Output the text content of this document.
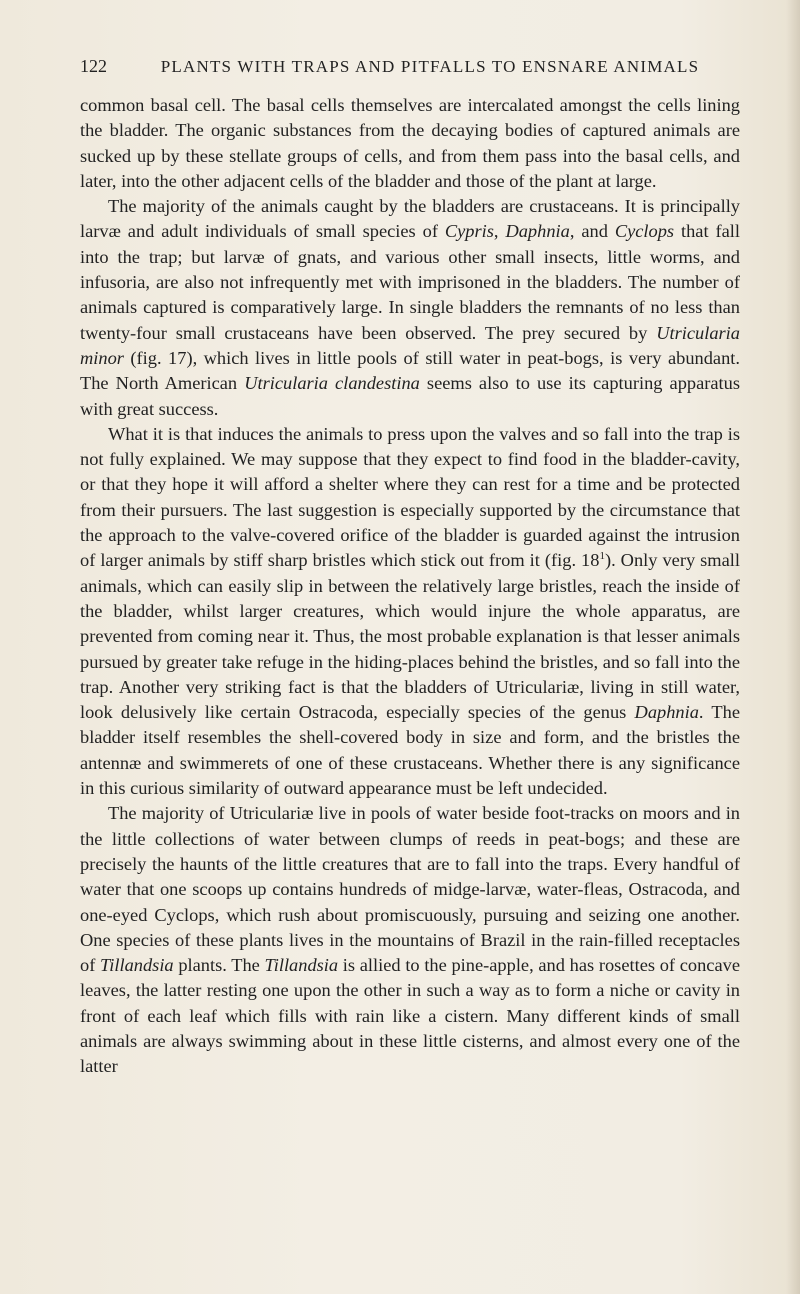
122	PLANTS WITH TRAPS AND PITFALLS TO ENSNARE ANIMALS

common basal cell. The basal cells themselves are intercalated amongst the cells lining the bladder. The organic substances from the decaying bodies of captured animals are sucked up by these stellate groups of cells, and from them pass into the basal cells, and later, into the other adjacent cells of the bladder and those of the plant at large.

The majority of the animals caught by the bladders are crustaceans. It is principally larvæ and adult individuals of small species of Cypris, Daphnia, and Cyclops that fall into the trap; but larvæ of gnats, and various other small insects, little worms, and infusoria, are also not infrequently met with imprisoned in the bladders. The number of animals captured is comparatively large. In single bladders the remnants of no less than twenty-four small crustaceans have been observed. The prey secured by Utricularia minor (fig. 17), which lives in little pools of still water in peat-bogs, is very abundant. The North American Utricularia clandestina seems also to use its capturing apparatus with great success.

What it is that induces the animals to press upon the valves and so fall into the trap is not fully explained. We may suppose that they expect to find food in the bladder-cavity, or that they hope it will afford a shelter where they can rest for a time and be protected from their pursuers. The last suggestion is especially supported by the circumstance that the approach to the valve-covered orifice of the bladder is guarded against the intrusion of larger animals by stiff sharp bristles which stick out from it (fig. $18^1$). Only very small animals, which can easily slip in between the relatively large bristles, reach the inside of the bladder, whilst larger creatures, which would injure the whole apparatus, are prevented from coming near it. Thus, the most probable explanation is that lesser animals pursued by greater take refuge in the hiding-places behind the bristles, and so fall into the trap. Another very striking fact is that the bladders of Utriculariæ, living in still water, look delusively like certain Ostracoda, especially species of the genus Daphnia. The bladder itself resembles the shell-covered body in size and form, and the bristles the antennæ and swimmerets of one of these crustaceans. Whether there is any significance in this curious similarity of outward appearance must be left undecided.

The majority of Utriculariæ live in pools of water beside foot-tracks on moors and in the little collections of water between clumps of reeds in peat-bogs; and these are precisely the haunts of the little creatures that are to fall into the traps. Every handful of water that one scoops up contains hundreds of midge-larvæ, water-fleas, Ostracoda, and one-eyed Cyclops, which rush about promiscuously, pursuing and seizing one another. One species of these plants lives in the mountains of Brazil in the rain-filled receptacles of Tillandsia plants. The Tillandsia is allied to the pine-apple, and has rosettes of concave leaves, the latter resting one upon the other in such a way as to form a niche or cavity in front of each leaf which fills with rain like a cistern. Many different kinds of small animals are always swimming about in these little cisterns, and almost every one of the latter
